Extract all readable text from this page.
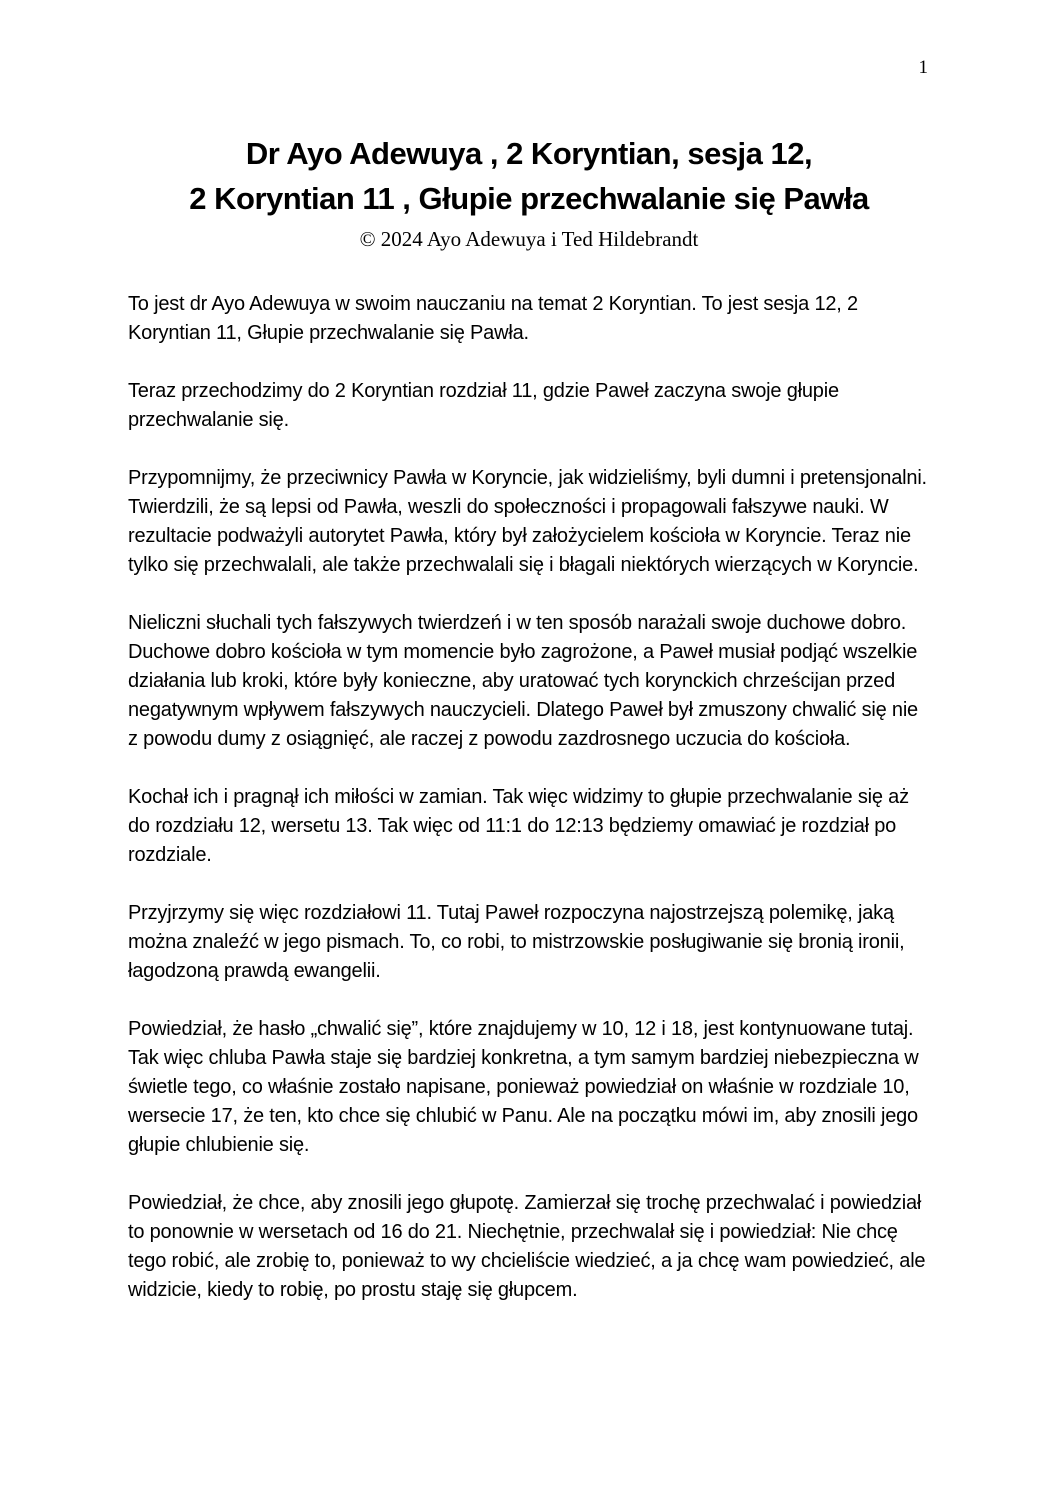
1
Dr Ayo Adewuya , 2 Koryntian, sesja 12,
2 Koryntian 11 , Głupie przechwalanie się Pawła
© 2024 Ayo Adewuya i Ted Hildebrandt

To jest dr Ayo Adewuya w swoim nauczaniu na temat 2 Koryntian. To jest sesja 12, 2 Koryntian 11, Głupie przechwalanie się Pawła.

Teraz przechodzimy do 2 Koryntian rozdział 11, gdzie Paweł zaczyna swoje głupie przechwalanie się.

Przypomnijmy, że przeciwnicy Pawła w Koryncie, jak widzieliśmy, byli dumni i pretensjonalni. Twierdzili, że są lepsi od Pawła, weszli do społeczności i propagowali fałszywe nauki. W rezultacie podważyli autorytet Pawła, który był założycielem kościoła w Koryncie. Teraz nie tylko się przechwalali, ale także przechwalali się i błagali niektórych wierzących w Koryncie.

Nieliczni słuchali tych fałszywych twierdzeń i w ten sposób narażali swoje duchowe dobro. Duchowe dobro kościoła w tym momencie było zagrożone, a Paweł musiał podjąć wszelkie działania lub kroki, które były konieczne, aby uratować tych korynckich chrześcijan przed negatywnym wpływem fałszywych nauczycieli. Dlatego Paweł był zmuszony chwalić się nie z powodu dumy z osiągnięć, ale raczej z powodu zazdrosnego uczucia do kościoła.

Kochał ich i pragnął ich miłości w zamian. Tak więc widzimy to głupie przechwalanie się aż do rozdziału 12, wersetu 13. Tak więc od 11:1 do 12:13 będziemy omawiać je rozdział po rozdziale.

Przyjrzymy się więc rozdziałowi 11. Tutaj Paweł rozpoczyna najostrzejszą polemikę, jaką można znaleźć w jego pismach. To, co robi, to mistrzowskie posługiwanie się bronią ironii, łagodzoną prawdą ewangelii.

Powiedział, że hasło „chwalić się”, które znajdujemy w 10, 12 i 18, jest kontynuowane tutaj. Tak więc chluba Pawła staje się bardziej konkretna, a tym samym bardziej niebezpieczna w świetle tego, co właśnie zostało napisane, ponieważ powiedział on właśnie w rozdziale 10, wersecie 17, że ten, kto chce się chlubić w Panu. Ale na początku mówi im, aby znosili jego głupie chlubienie się.

Powiedział, że chce, aby znosili jego głupotę. Zamierzał się trochę przechwalać i powiedział to ponownie w wersetach od 16 do 21. Niechętnie, przechwalał się i powiedział: Nie chcę tego robić, ale zrobię to, ponieważ to wy chcieliście wiedzieć, a ja chcę wam powiedzieć, ale widzicie, kiedy to robię, po prostu staję się głupcem.
